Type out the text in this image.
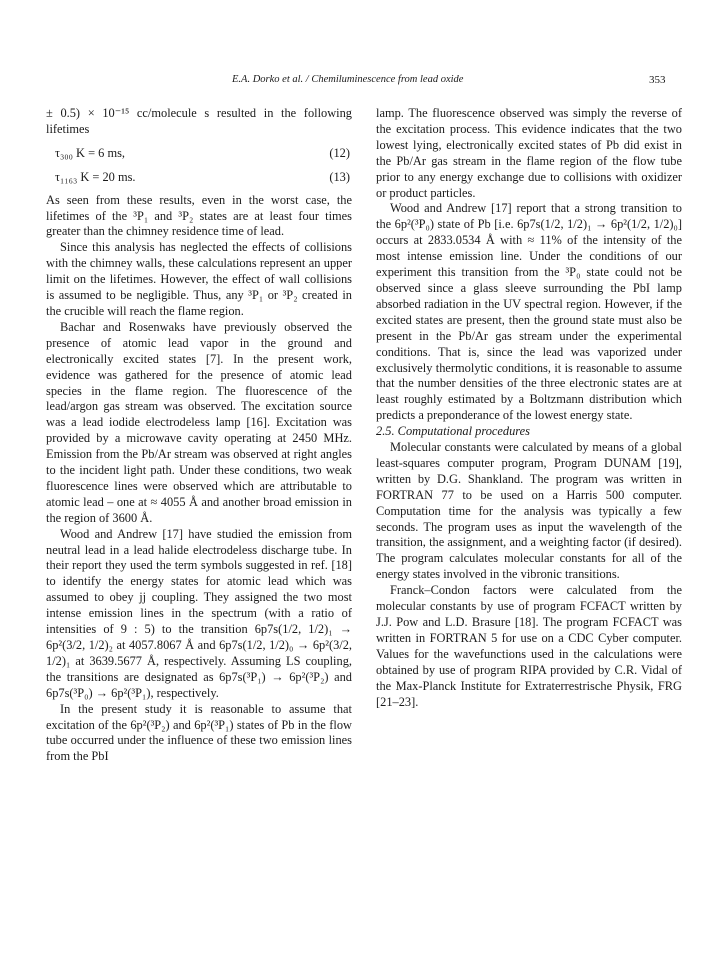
E.A. Dorko et al. / Chemiluminescence from lead oxide	353

± 0.5) × 10⁻¹⁵ cc/molecule s resulted in the following lifetimes

τ₃₀₀ K = 6 ms,	(12)
τ₁₁₆₃ K = 20 ms.	(13)

As seen from these results, even in the worst case, the lifetimes of the ³P₁ and ³P₂ states are at least four times greater than the chimney residence time of lead.

Since this analysis has neglected the effects of collisions with the chimney walls, these calculations represent an upper limit on the lifetimes. However, the effect of wall collisions is assumed to be negligible. Thus, any ³P₁ or ³P₂ created in the crucible will reach the flame region.

Bachar and Rosenwaks have previously observed the presence of atomic lead vapor in the ground and electronically excited states [7]. In the present work, evidence was gathered for the presence of atomic lead species in the flame region. The fluorescence of the lead/argon gas stream was observed. The excitation source was a lead iodide electrodeless lamp [16]. Excitation was provided by a microwave cavity operating at 2450 MHz. Emission from the Pb/Ar stream was observed at right angles to the incident light path. Under these conditions, two weak fluorescence lines were observed which are attributable to atomic lead – one at ≈ 4055 Å and another broad emission in the region of 3600 Å.

Wood and Andrew [17] have studied the emission from neutral lead in a lead halide electrodeless discharge tube. In their report they used the term symbols suggested in ref. [18] to identify the energy states for atomic lead which was assumed to obey jj coupling. They assigned the two most intense emission lines in the spectrum (with a ratio of intensities of 9 : 5) to the transition 6p7s(1/2, 1/2)₁ → 6p²(3/2, 1/2)₂ at 4057.8067 Å and 6p7s(1/2, 1/2)₀ → 6p²(3/2, 1/2)₁ at 3639.5677 Å, respectively. Assuming LS coupling, the transitions are designated as 6p7s(³P₁) → 6p²(³P₂) and 6p7s(³P₀) → 6p²(³P₁), respectively.

In the present study it is reasonable to assume that excitation of the 6p²(³P₂) and 6p²(³P₁) states of Pb in the flow tube occurred under the influence of these two emission lines from the PbI

lamp. The fluorescence observed was simply the reverse of the excitation process. This evidence indicates that the two lowest lying, electronically excited states of Pb did exist in the Pb/Ar gas stream in the flame region of the flow tube prior to any energy exchange due to collisions with oxidizer or product particles.

Wood and Andrew [17] report that a strong transition to the 6p²(³P₀) state of Pb [i.e. 6p7s(1/2, 1/2)₁ → 6p²(1/2, 1/2)₀] occurs at 2833.0534 Å with ≈ 11% of the intensity of the most intense emission line. Under the conditions of our experiment this transition from the ³P₀ state could not be observed since a glass sleeve surrounding the PbI lamp absorbed radiation in the UV spectral region. However, if the excited states are present, then the ground state must also be present in the Pb/Ar gas stream under the experimental conditions. That is, since the lead was vaporized under exclusively thermolytic conditions, it is reasonable to assume that the number densities of the three electronic states are at least roughly estimated by a Boltzmann distribution which predicts a preponderance of the lowest energy state.

2.5. Computational procedures

Molecular constants were calculated by means of a global least-squares computer program, Program DUNAM [19], written by D.G. Shankland. The program was written in FORTRAN 77 to be used on a Harris 500 computer. Computation time for the analysis was typically a few seconds. The program uses as input the wavelength of the transition, the assignment, and a weighting factor (if desired). The program calculates molecular constants for all of the energy states involved in the vibronic transitions.

Franck–Condon factors were calculated from the molecular constants by use of program FCFACT written by J.J. Pow and L.D. Brasure [18]. The program FCFACT was written in FORTRAN 5 for use on a CDC Cyber computer. Values for the wavefunctions used in the calculations were obtained by use of program RIPA provided by C.R. Vidal of the Max-Planck Institute for Extraterrestrische Physik, FRG [21–23].
